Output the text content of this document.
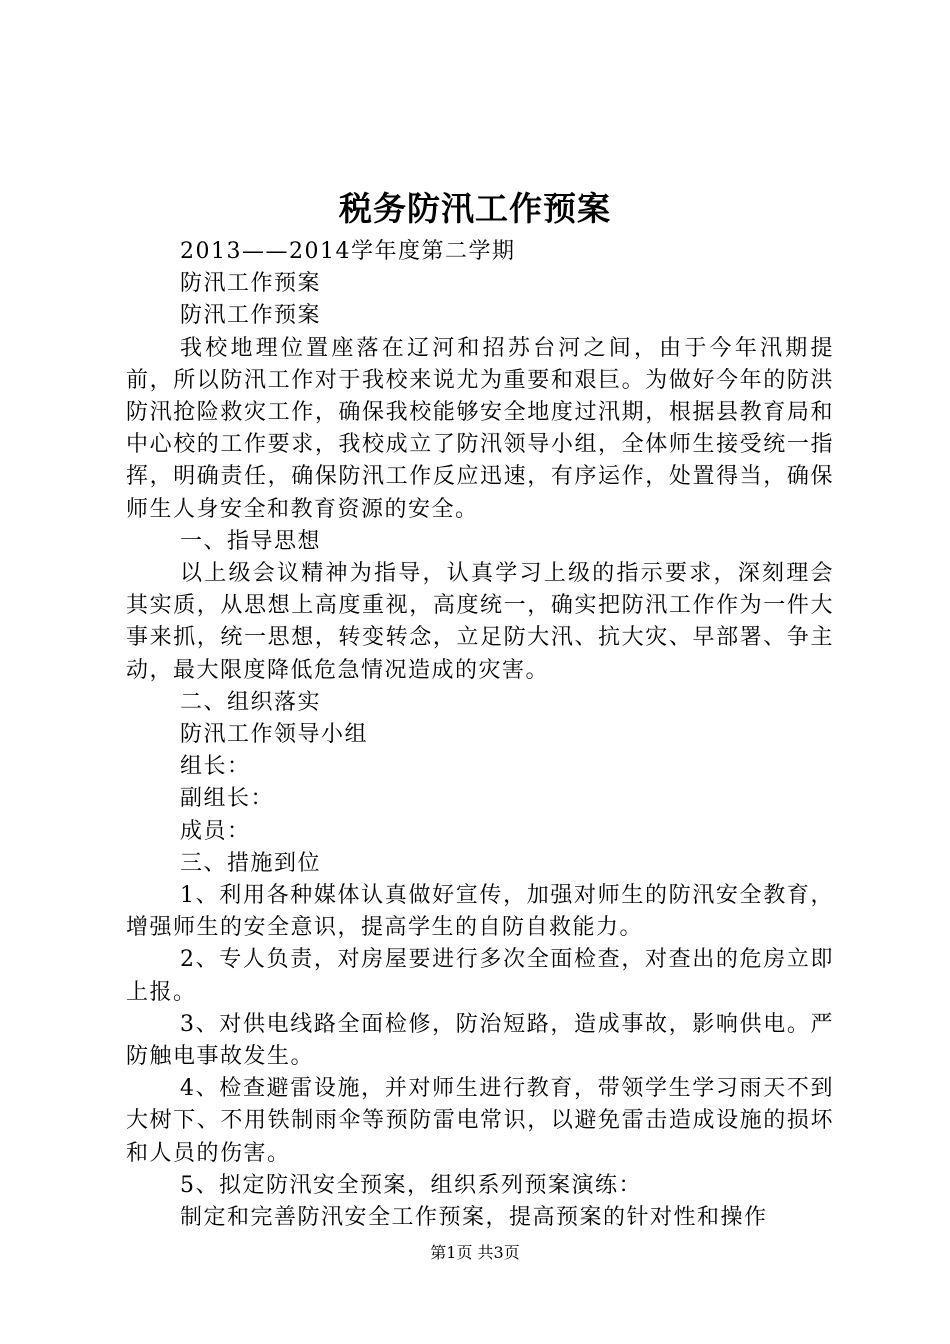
税务防汛工作预案

2013——2014学年度第二学期

防汛工作预案

防汛工作预案

我校地理位置座落在辽河和招苏台河之间，由于今年汛期提前，所以防汛工作对于我校来说尤为重要和艰巨。为做好今年的防洪防汛抢险救灾工作，确保我校能够安全地度过汛期，根据县教育局和中心校的工作要求，我校成立了防汛领导小组，全体师生接受统一指挥，明确责任，确保防汛工作反应迅速，有序运作，处置得当，确保师生人身安全和教育资源的安全。

一、指导思想

以上级会议精神为指导，认真学习上级的指示要求，深刻理会其实质，从思想上高度重视，高度统一，确实把防汛工作作为一件大事来抓，统一思想，转变转念，立足防大汛、抗大灾、早部署、争主动，最大限度降低危急情况造成的灾害。

二、组织落实

防汛工作领导小组

组长：

副组长：

成员：

三、措施到位

1、利用各种媒体认真做好宣传，加强对师生的防汛安全教育，增强师生的安全意识，提高学生的自防自救能力。

2、专人负责，对房屋要进行多次全面检查，对查出的危房立即上报。

3、对供电线路全面检修，防治短路，造成事故，影响供电。严防触电事故发生。

4、检查避雷设施，并对师生进行教育，带领学生学习雨天不到大树下、不用铁制雨伞等预防雷电常识，以避免雷击造成设施的损坏和人员的伤害。

5、拟定防汛安全预案，组织系列预案演练：

制定和完善防汛安全工作预案，提高预案的针对性和操作

第1页 共3页
